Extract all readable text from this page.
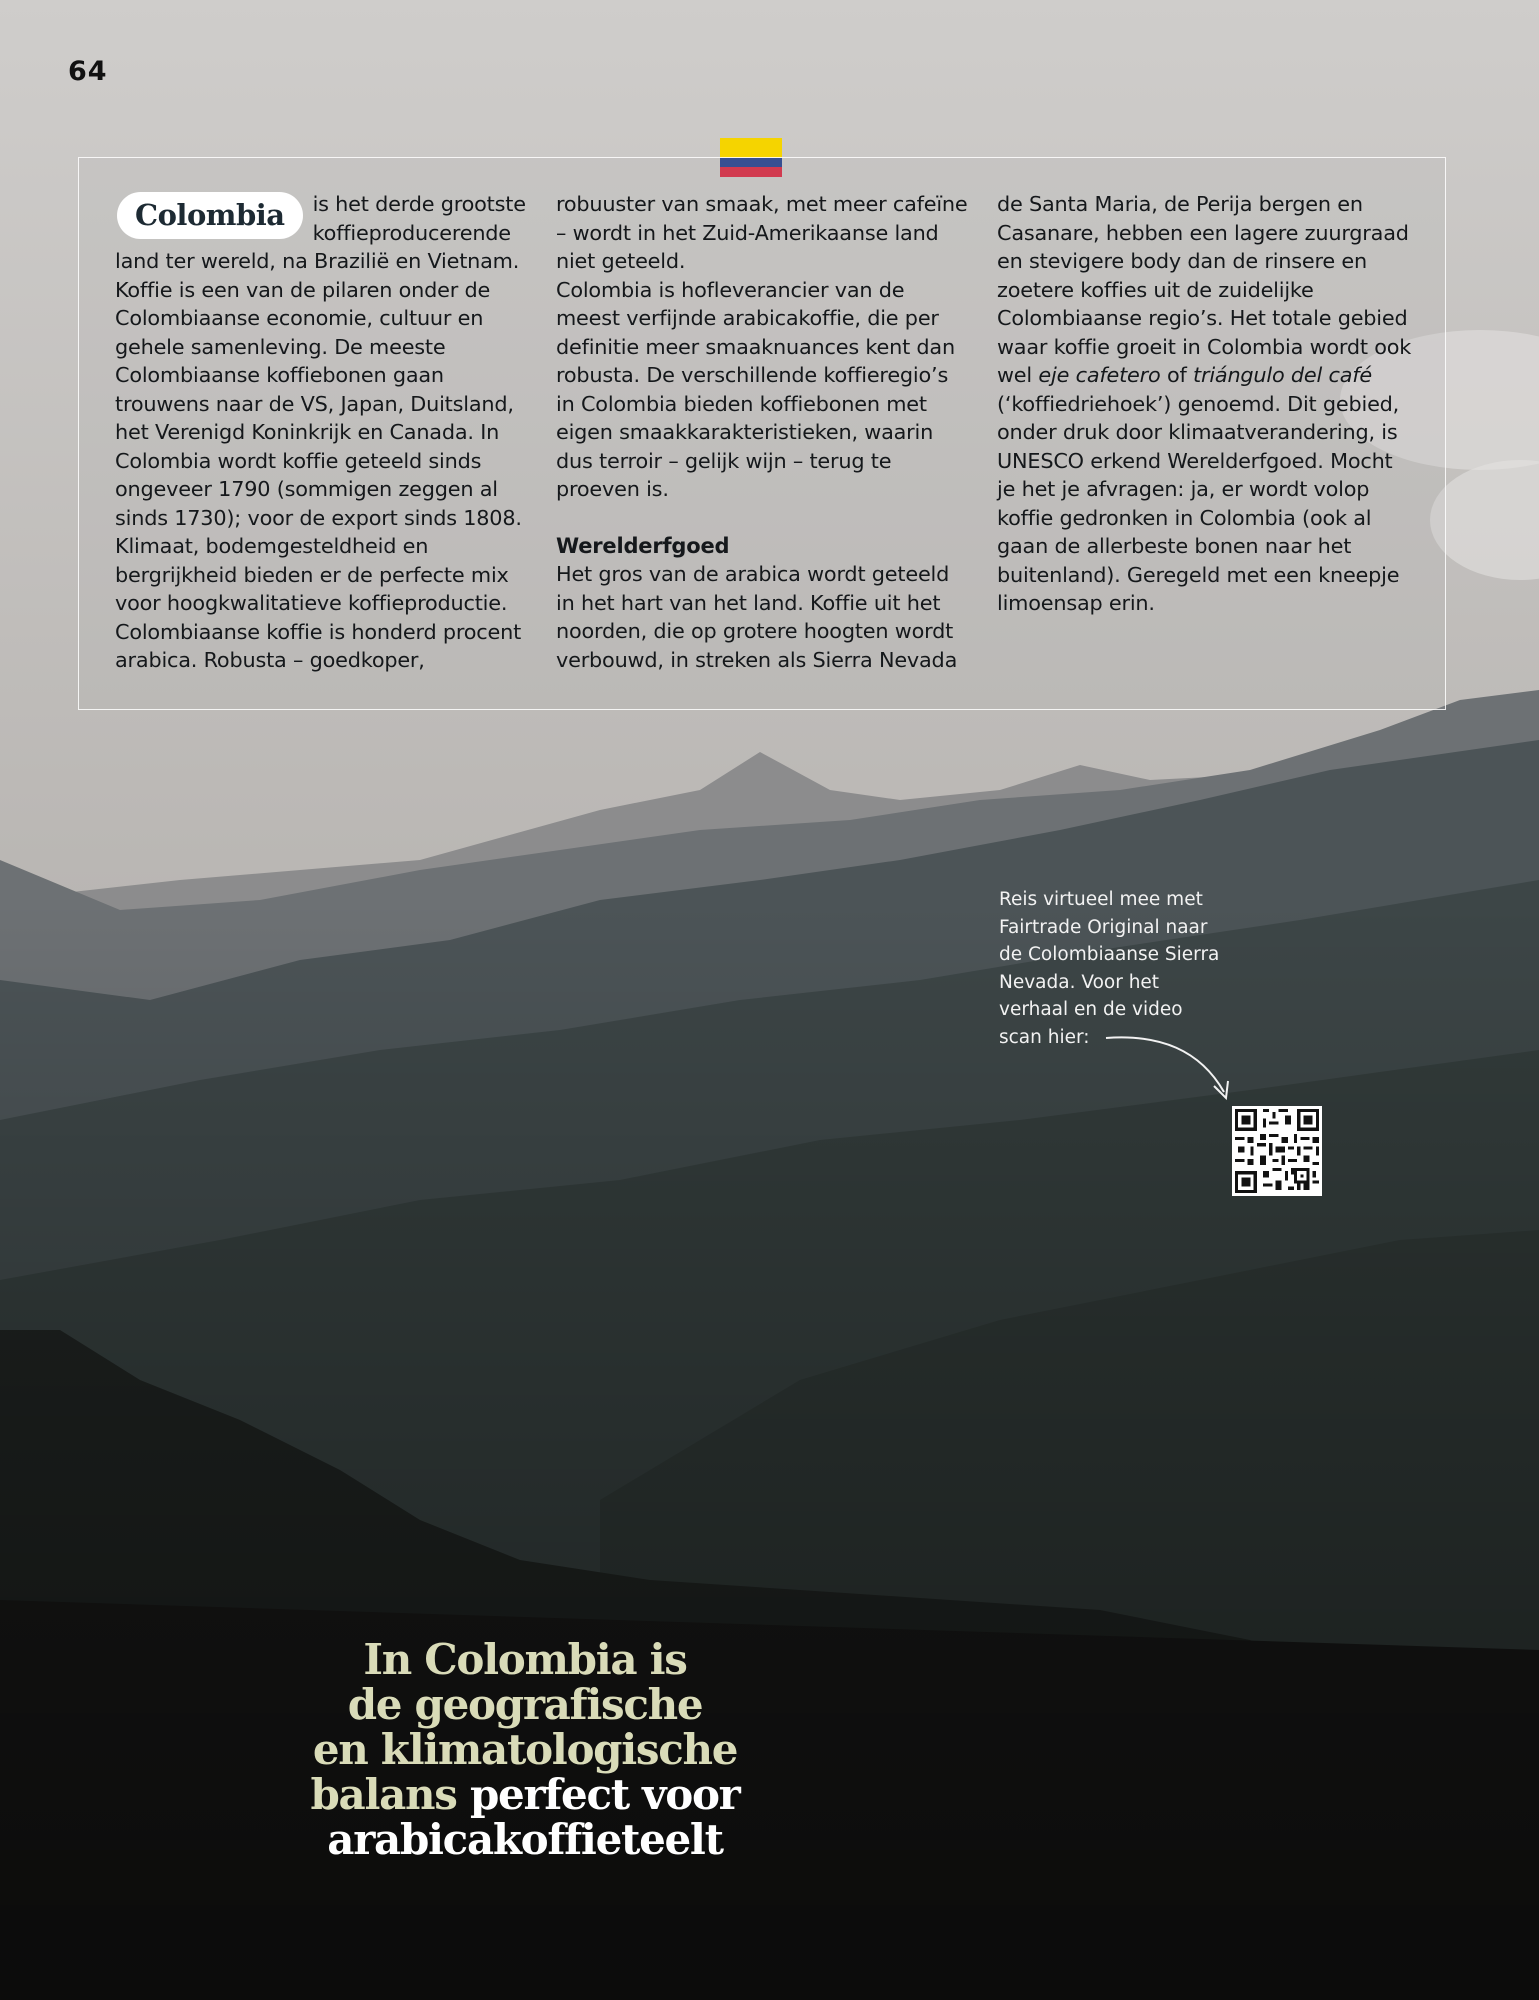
64

Colombia	is het derde grootste koffieproducerende land ter wereld, na Brazilië en Vietnam. Koffie is een van de pilaren onder de Colombiaanse economie, cultuur en gehele samenleving. De meeste Colombiaanse koffiebonen gaan trouwens naar de VS, Japan, Duitsland, het Verenigd Koninkrijk en Canada. In Colombia wordt koffie geteeld sinds ongeveer 1790 (sommigen zeggen al sinds 1730); voor de export sinds 1808. Klimaat, bodemgesteldheid en bergrijkheid bieden er de perfecte mix voor hoogkwalitatieve koffieproductie. Colombiaanse koffie is honderd procent arabica. Robusta – goedkoper,

robuuster van smaak, met meer cafeïne – wordt in het Zuid-Amerikaanse land niet geteeld.

Colombia is hofleverancier van de meest verfijnde arabicakoffie, die per definitie meer smaaknuances kent dan robusta. De verschillende koffieregio’s in Colombia bieden koffiebonen met eigen smaakkarakteristieken, waarin dus terroir – gelijk wijn – terug te proeven is.

Werelderfgoed

Het gros van de arabica wordt geteeld in het hart van het land. Koffie uit het noorden, die op grotere hoogten wordt verbouwd, in streken als Sierra Nevada

de Santa Maria, de Perija bergen en Casanare, hebben een lagere zuurgraad en stevigere body dan de rinsere en zoetere koffies uit de zuidelijke Colombiaanse regio’s. Het totale gebied waar koffie groeit in Colombia wordt ook wel eje cafetero of triángulo del café (‘koffiedriehoek’) genoemd. Dit gebied, onder druk door klimaatverandering, is UNESCO erkend Werelderfgoed. Mocht je het je afvragen: ja, er wordt volop koffie gedronken in Colombia (ook al gaan de allerbeste bonen naar het buitenland). Geregeld met een kneepje limoensap erin.

Reis virtueel mee met
Fairtrade Original naar
de Colombiaanse Sierra
Nevada. Voor het
verhaal en de video
scan hier:
In Colombia is
de geografische
en klimatologische
balans perfect voor
arabicakoffieteelt
